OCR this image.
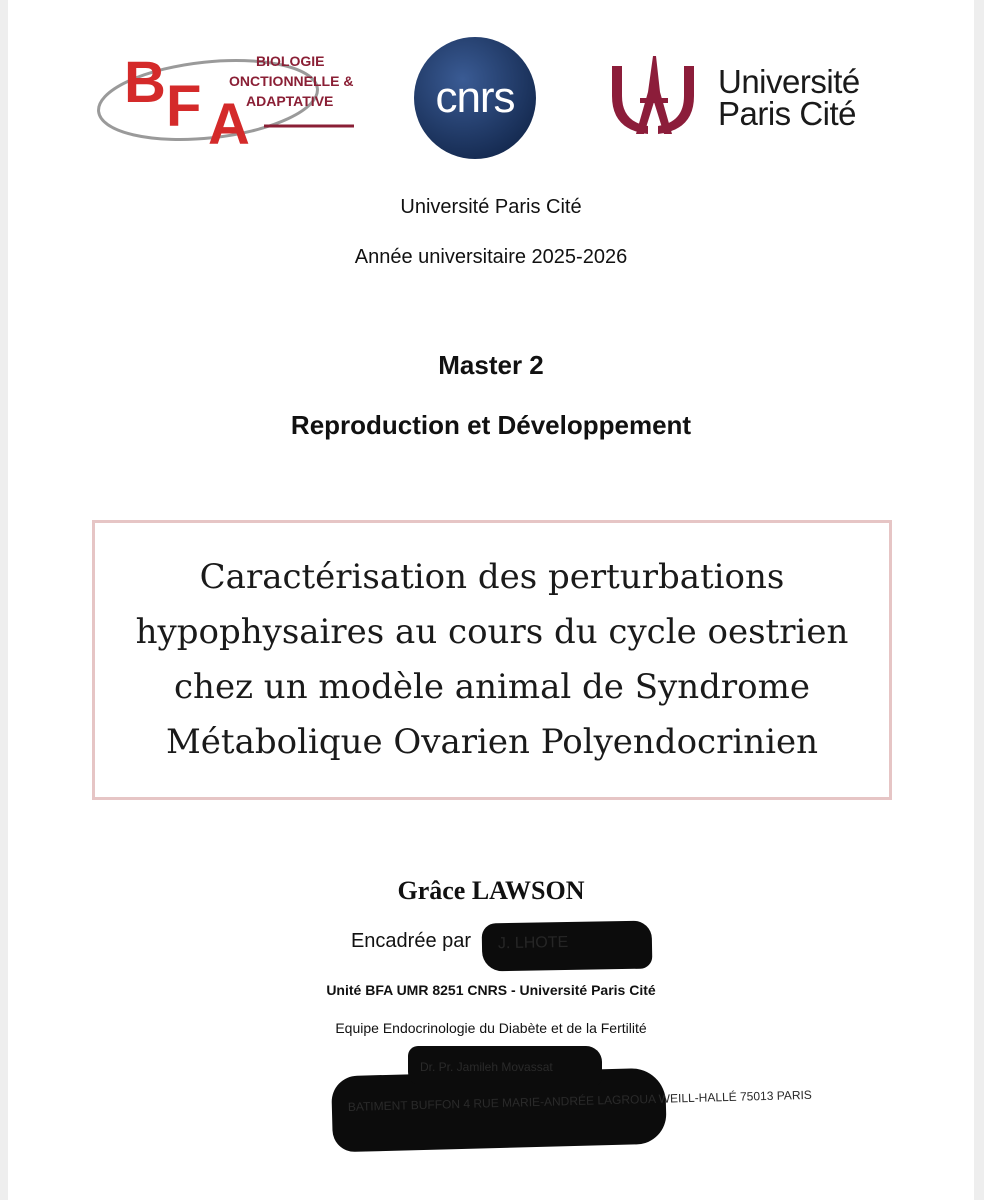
B F A
BIOLOGIE
ONCTIONNELLE &
ADAPTATIVE cnrs	Université
Paris Cité
Université Paris Cité
Année universitaire 2025-2026
Master 2
Reproduction et Développement
Caractérisation des perturbations
hypophysaires au cours du cycle oestrien
chez un modèle animal de Syndrome
Métabolique Ovarien Polyendocrinien
Grâce LAWSON
Encadrée par	J. LHOTE
Unité BFA UMR 8251 CNRS - Université Paris Cité
Equipe Endocrinologie du Diabète et de la Fertilité
BATIMENT BUFFON 4 RUE MARIE-ANDRÉE LAGROUA WEILL-HALLÉ 75013 PARIS
Dr. Pr. Jamileh Movassat
